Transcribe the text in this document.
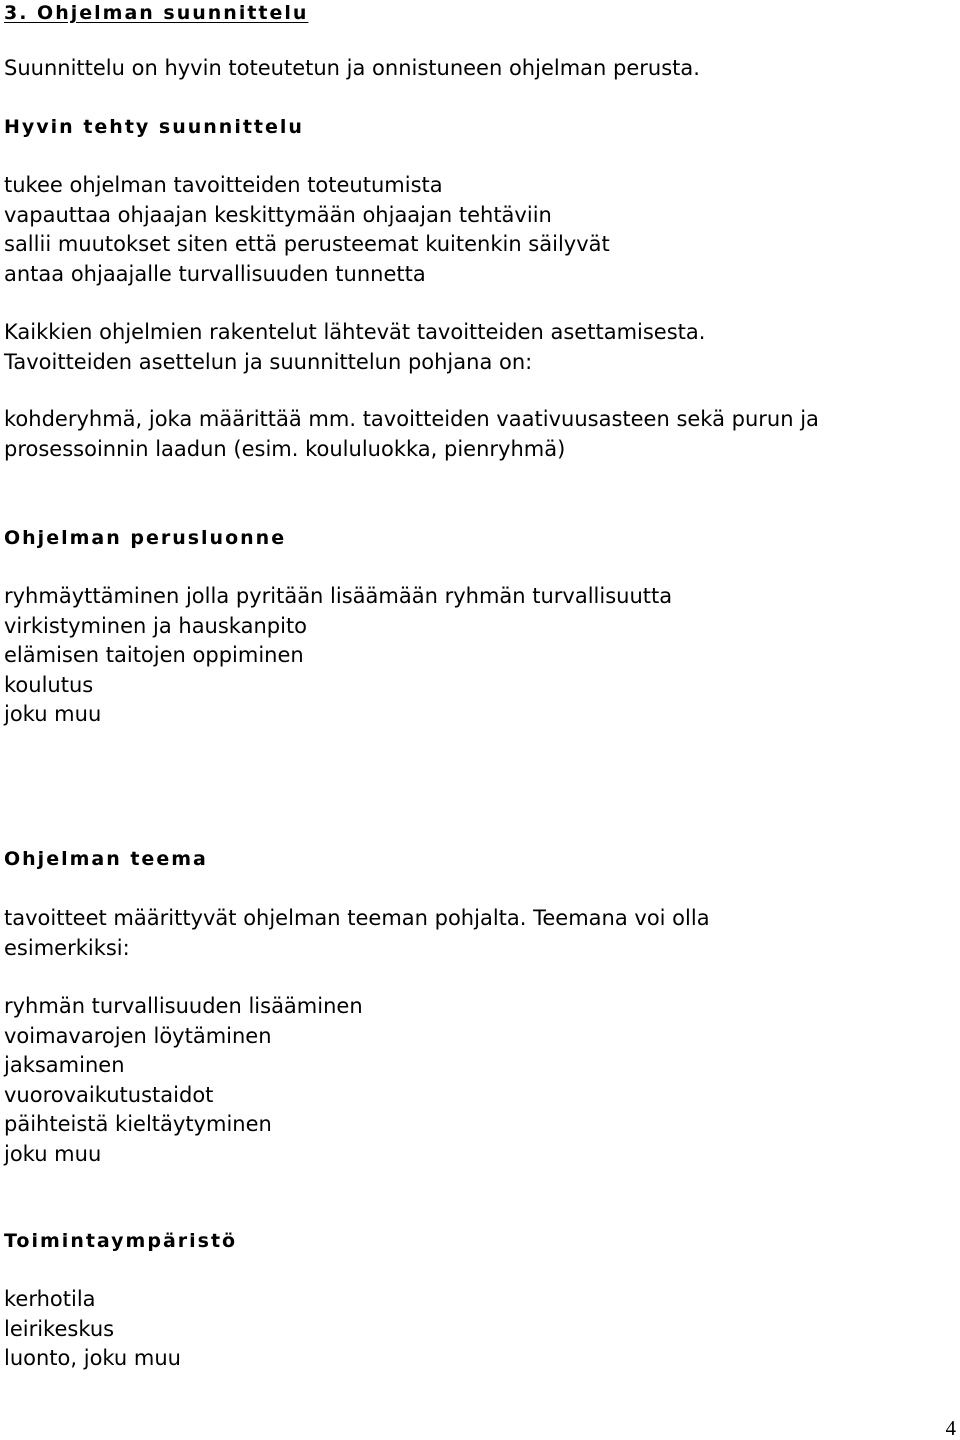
3. Ohjelman suunnittelu
Suunnittelu on hyvin toteutetun ja onnistuneen ohjelman perusta.
Hyvin tehty suunnittelu
tukee ohjelman tavoitteiden toteutumista
vapauttaa ohjaajan keskittymään ohjaajan tehtäviin
sallii muutokset siten että perusteemat kuitenkin säilyvät
antaa ohjaajalle turvallisuuden tunnetta
Kaikkien ohjelmien rakentelut lähtevät tavoitteiden asettamisesta.
Tavoitteiden asettelun ja suunnittelun pohjana on:
kohderyhmä, joka määrittää mm. tavoitteiden vaativuusasteen sekä purun ja
prosessoinnin laadun (esim. koululuokka, pienryhmä)
Ohjelman perusluonne
ryhmäyttäminen jolla pyritään lisäämään ryhmän turvallisuutta
virkistyminen ja hauskanpito
elämisen taitojen oppiminen
koulutus
joku muu
Ohjelman teema
tavoitteet määrittyvät ohjelman teeman pohjalta. Teemana voi olla
esimerkiksi:
ryhmän turvallisuuden lisääminen
voimavarojen löytäminen
jaksaminen
vuorovaikutustaidot
päihteistä kieltäytyminen
joku muu
Toimintaympäristö
kerhotila
leirikeskus
luonto, joku muu
4
